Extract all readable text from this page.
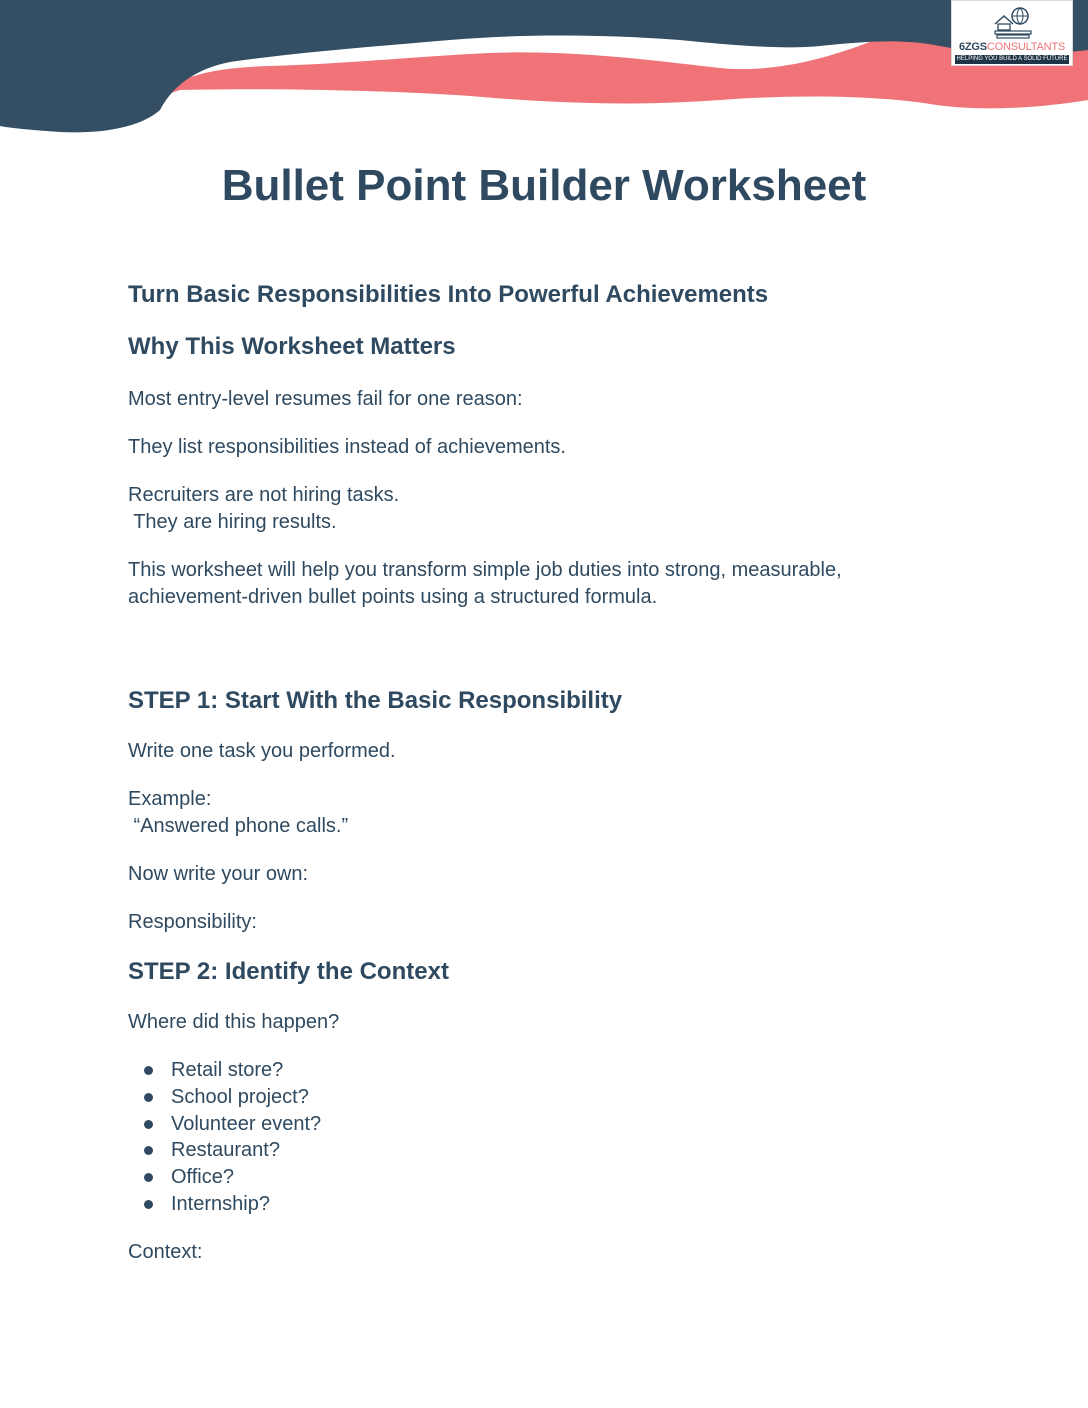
6ZGSCONSULTANTS
HELPING YOU BUILD A SOLID FUTURE
Bullet Point Builder Worksheet
Turn Basic Responsibilities Into Powerful Achievements
Why This Worksheet Matters

Most entry-level resumes fail for one reason:

They list responsibilities instead of achievements.

Recruiters are not hiring tasks.
They are hiring results.

This worksheet will help you transform simple job duties into strong, measurable,
achievement-driven bullet points using a structured formula.

STEP 1: Start With the Basic Responsibility

Write one task you performed.

Example:
“Answered phone calls.”

Now write your own:

Responsibility:

STEP 2: Identify the Context

Where did this happen?

Retail store?
School project?
Volunteer event?
Restaurant?
Office?
Internship?

Context:
